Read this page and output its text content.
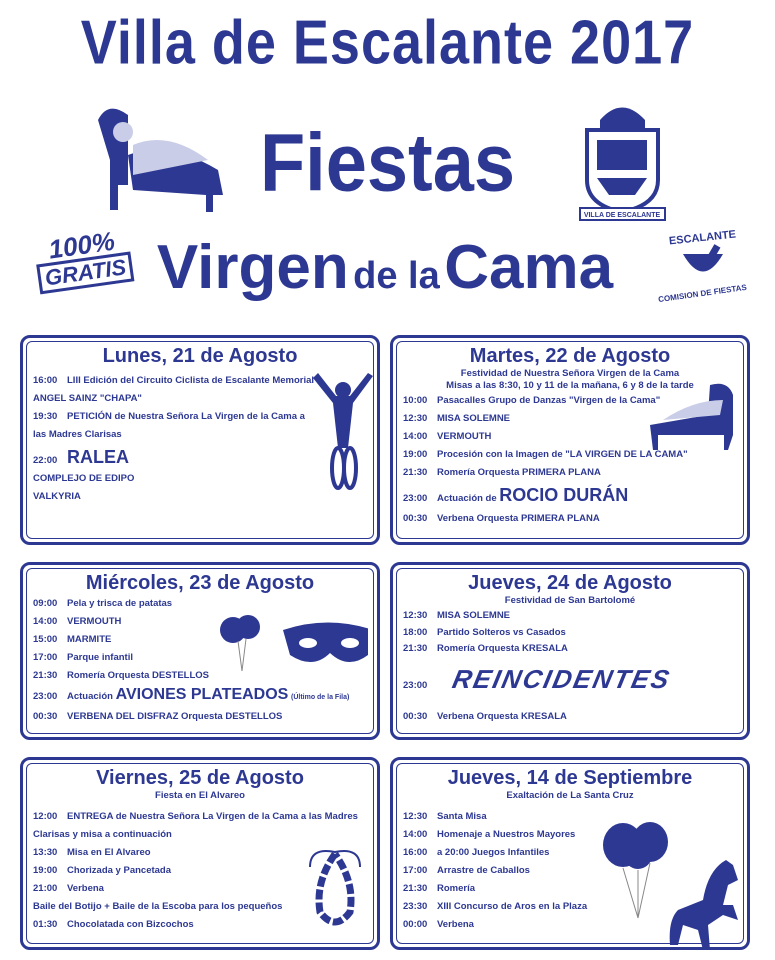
Villa de Escalante 2017
Fiestas
Virgen de la Cama
VILLA DE ESCALANTE
100%
GRATIS
ESCALANTE
COMISION DE FIESTAS
Lunes, 21 de Agosto
16:00 LIII Edición del Circuito Ciclista de Escalante Memorial
ANGEL SAINZ "CHAPA"
19:30 PETICIÓN de Nuestra Señora La Virgen de la Cama a
las Madres Clarisas
22:00 RALEA
COMPLEJO DE EDIPO
VALKYRIA
Martes, 22 de Agosto
Festividad de Nuestra Señora Virgen de la Cama
Misas a las 8:30, 10 y 11 de la mañana, 6 y 8 de la tarde
10:00 Pasacalles Grupo de Danzas "Virgen de la Cama"
12:30 MISA SOLEMNE
14:00 VERMOUTH
19:00 Procesión con la Imagen de "LA VIRGEN DE LA CAMA"
21:30 Romería Orquesta PRIMERA PLANA
23:00 Actuación de ROCIO DURÁN
00:30 Verbena Orquesta PRIMERA PLANA
Miércoles, 23 de Agosto
09:00 Pela y trisca de patatas
14:00 VERMOUTH
15:00 MARMITE
17:00 Parque infantil
21:30 Romería Orquesta DESTELLOS
23:00 Actuación AVIONES PLATEADOS (Último de la Fila)
00:30 VERBENA DEL DISFRAZ Orquesta DESTELLOS
Jueves, 24 de Agosto
Festividad de San Bartolomé
12:30 MISA SOLEMNE
18:00 Partido Solteros vs Casados
21:30 Romería Orquesta KRESALA
23:00 REINCIDENTES
00:30 Verbena Orquesta KRESALA
Viernes, 25 de Agosto
Fiesta en El Alvareo
12:00 ENTREGA de Nuestra Señora La Virgen de la Cama a las Madres
Clarisas y misa a continuación
13:30 Misa en El Alvareo
19:00 Chorizada y Pancetada
21:00 Verbena
Baile del Botijo + Baile de la Escoba para los pequeños
01:30 Chocolatada con Bizcochos
Jueves, 14 de Septiembre
Exaltación de La Santa Cruz
12:30 Santa Misa
14:00 Homenaje a Nuestros Mayores
16:00 a 20:00 Juegos Infantiles
17:00 Arrastre de Caballos
21:30 Romería
23:30 XIII Concurso de Aros en la Plaza
00:00 Verbena
